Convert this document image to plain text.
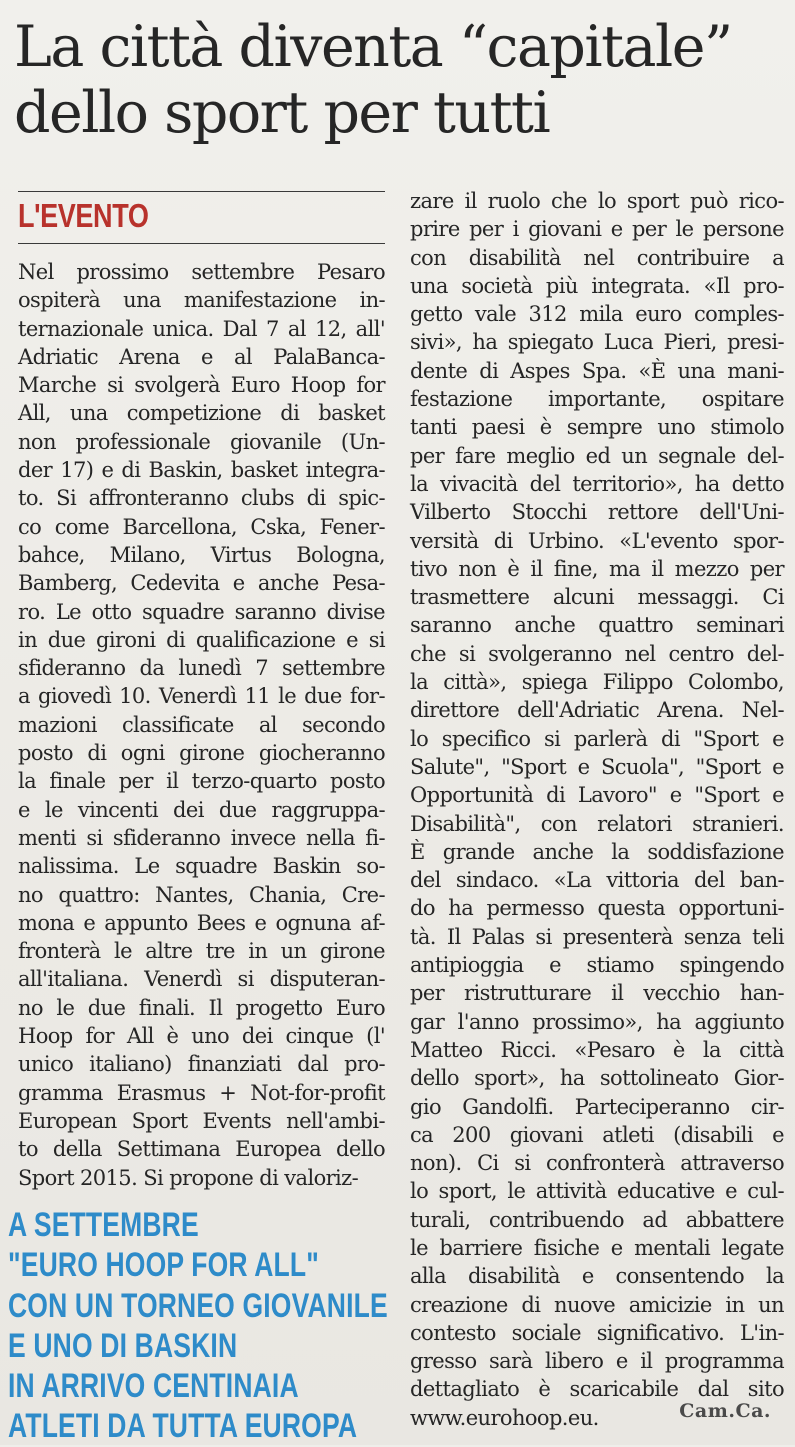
La città diventa “capitale”
dello sport per tutti
L'EVENTO
Nel prossimo settembre Pesaro
ospiterà una manifestazione in-
ternazionale unica. Dal 7 al 12, all'
Adriatic Arena e al PalaBanca-
Marche si svolgerà Euro Hoop for
All, una competizione di basket
non professionale giovanile (Un-
der 17) e di Baskin, basket integra-
to. Si affronteranno clubs di spic-
co come Barcellona, Cska, Fener-
bahce, Milano, Virtus Bologna,
Bamberg, Cedevita e anche Pesa-
ro. Le otto squadre saranno divise
in due gironi di qualificazione e si
sfideranno da lunedì 7 settembre
a giovedì 10. Venerdì 11 le due for-
mazioni classificate al secondo
posto di ogni girone giocheranno
la finale per il terzo-quarto posto
e le vincenti dei due raggruppa-
menti si sfideranno invece nella fi-
nalissima. Le squadre Baskin so-
no quattro: Nantes, Chania, Cre-
mona e appunto Bees e ognuna af-
fronterà le altre tre in un girone
all'italiana. Venerdì si disputeran-
no le due finali. Il progetto Euro
Hoop for All è uno dei cinque (l'
unico italiano) finanziati dal pro-
gramma Erasmus + Not-for-profit
European Sport Events nell'ambi-
to della Settimana Europea dello
Sport 2015. Si propone di valoriz-
zare il ruolo che lo sport può rico-
prire per i giovani e per le persone
con disabilità nel contribuire a
una società più integrata. «Il pro-
getto vale 312 mila euro comples-
sivi», ha spiegato Luca Pieri, presi-
dente di Aspes Spa. «È una mani-
festazione importante, ospitare
tanti paesi è sempre uno stimolo
per fare meglio ed un segnale del-
la vivacità del territorio», ha detto
Vilberto Stocchi rettore dell'Uni-
versità di Urbino. «L'evento spor-
tivo non è il fine, ma il mezzo per
trasmettere alcuni messaggi. Ci
saranno anche quattro seminari
che si svolgeranno nel centro del-
la città», spiega Filippo Colombo,
direttore dell'Adriatic Arena. Nel-
lo specifico si parlerà di "Sport e
Salute", "Sport e Scuola", "Sport e
Opportunità di Lavoro" e "Sport e
Disabilità", con relatori stranieri.
È grande anche la soddisfazione
del sindaco. «La vittoria del ban-
do ha permesso questa opportuni-
tà. Il Palas si presenterà senza teli
antipioggia e stiamo spingendo
per ristrutturare il vecchio han-
gar l'anno prossimo», ha aggiunto
Matteo Ricci. «Pesaro è la città
dello sport», ha sottolineato Gior-
gio Gandolfi. Parteciperanno cir-
ca 200 giovani atleti (disabili e
non). Ci si confronterà attraverso
lo sport, le attività educative e cul-
turali, contribuendo ad abbattere
le barriere fisiche e mentali legate
alla disabilità e consentendo la
creazione di nuove amicizie in un
contesto sociale significativo. L'in-
gresso sarà libero e il programma
dettagliato è scaricabile dal sito
www.eurohoop.eu.
A SETTEMBRE
"EURO HOOP FOR ALL"
CON UN TORNEO GIOVANILE
E UNO DI BASKIN
IN ARRIVO CENTINAIA
ATLETI DA TUTTA EUROPA	Cam.Ca.
